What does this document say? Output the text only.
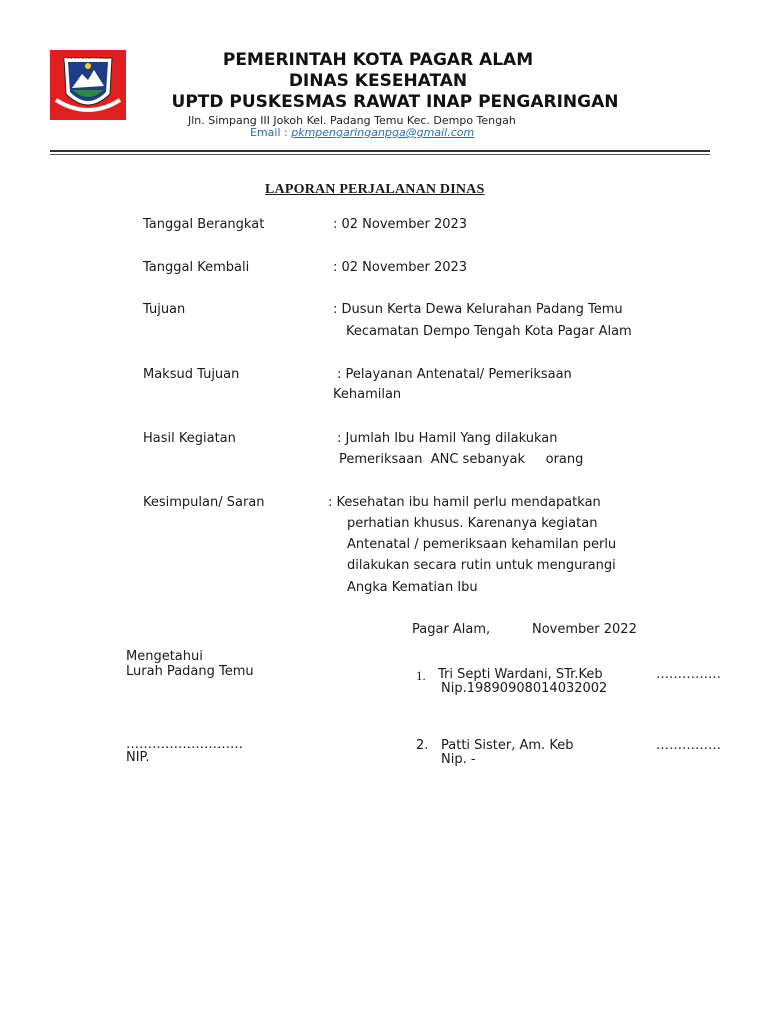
PAGARALAM	PEMERINTAH KOTA PAGAR ALAM
DINAS KESEHATAN
UPTD PUSKESMAS RAWAT INAP PENGARINGAN
Jln. Simpang III Jokoh Kel. Padang Temu Kec. Dempo Tengah
Email : pkmpengaringanpga@gmail.com
LAPORAN PERJALANAN DINAS
Tanggal Berangkat	: 02 November 2023
Tanggal Kembali	: 02 November 2023
Tujuan	: Dusun Kerta Dewa Kelurahan Padang Temu
Kecamatan Dempo Tengah Kota Pagar Alam
Maksud Tujuan	: Pelayanan Antenatal/ Pemeriksaan
Kehamilan
Hasil Kegiatan	: Jumlah Ibu Hamil Yang dilakukan
Pemeriksaan  ANC sebanyak     orang
Kesimpulan/ Saran	: Kesehatan ibu hamil perlu mendapatkan
perhatian khusus. Karenanya kegiatan
Antenatal / pemeriksaan kehamilan perlu
dilakukan secara rutin untuk mengurangi
Angka Kematian Ibu
Pagar Alam,	November 2022
Mengetahui
Lurah Padang Temu
………………………
NIP.
1. Tri Septi Wardani, STr.Keb	……………
Nip.19890908014032002
2. Patti Sister, Am. Keb	……………
Nip. -
